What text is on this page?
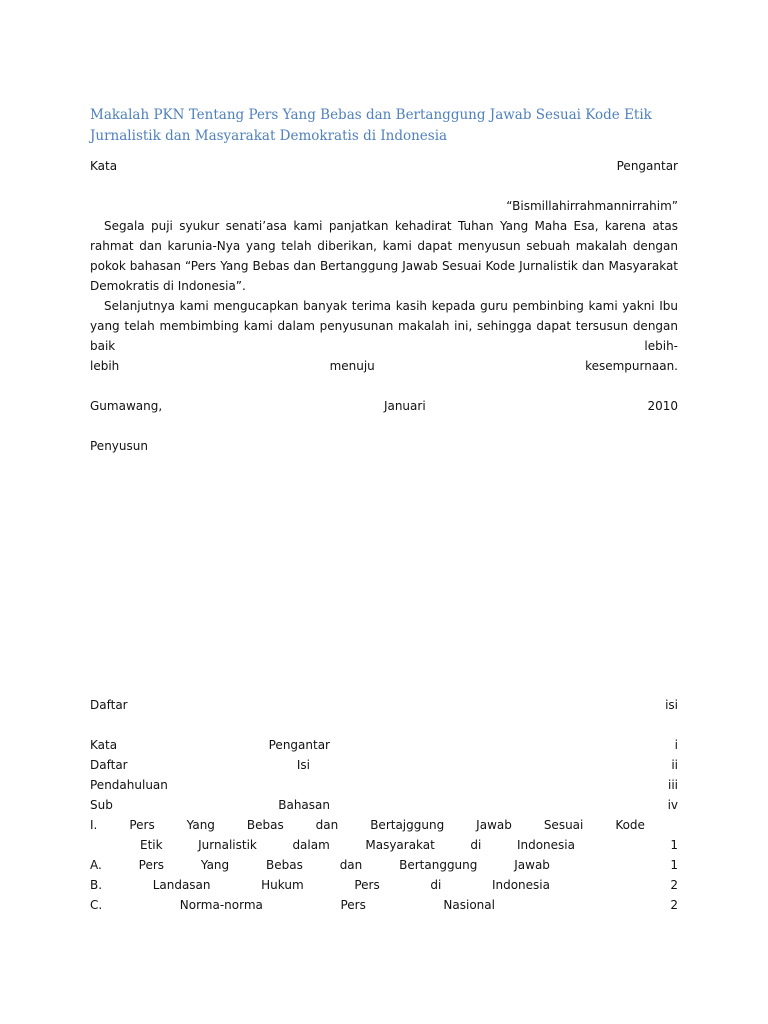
Makalah PKN Tentang Pers Yang Bebas dan Bertanggung Jawab Sesuai Kode Etik Jurnalistik dan Masyarakat Demokratis di Indonesia
Kata	Pengantar
“Bismillahirrahmannirrahim”
Segala puji syukur senati’asa kami panjatkan kehadirat Tuhan Yang Maha Esa, karena atas rahmat dan karunia-Nya yang telah diberikan, kami dapat menyusun sebuah makalah dengan pokok bahasan “Pers Yang Bebas dan Bertanggung Jawab Sesuai Kode Jurnalistik dan Masyarakat Demokratis di Indonesia”.
Selanjutnya kami mengucapkan banyak terima kasih kepada guru pembinbing kami yakni Ibu yang telah membimbing kami dalam penyusunan makalah ini, sehingga dapat tersusun dengan baik lebih-
lebih	menuju	kesempurnaan.
Gumawang,	Januari	2010
Penyusun
Daftar	isi
Kata	Pengantar	i
Daftar	Isi	ii
Pendahuluan	iii
Sub	Bahasan	iv
I.	Pers	Yang	Bebas	dan	Bertajggung	Jawab	Sesuai	Kode
Etik	Jurnalistik	dalam	Masyarakat	di	Indonesia	1
A.	Pers	Yang	Bebas	dan	Bertanggung	Jawab	1
B.	Landasan	Hukum	Pers	di	Indonesia	2
C.	Norma-norma	Pers	Nasional	2
